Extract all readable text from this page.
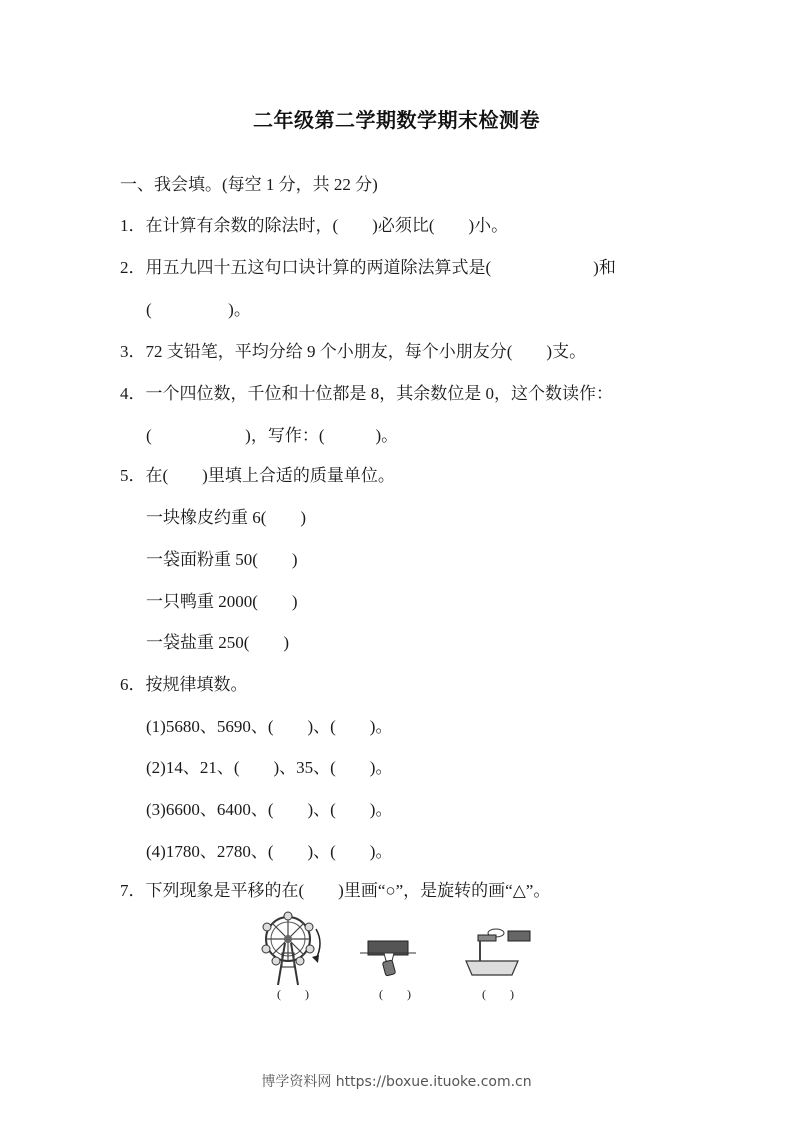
二年级第二学期数学期末检测卷
一、我会填。(每空 1 分，共 22 分)
1．在计算有余数的除法时，(        )必须比(        )小。
2．用五九四十五这句口诀计算的两道除法算式是(                        )和
(                  )。
3．72 支铅笔，平均分给 9 个小朋友，每个小朋友分(        )支。
4．一个四位数，千位和十位都是 8，其余数位是 0，这个数读作：
(                      )，写作：(            )。
5．在(        )里填上合适的质量单位。
一块橡皮约重 6(        )
一袋面粉重 50(        )
一只鸭重 2000(        )
一袋盐重 250(        )
6．按规律填数。
(1)5680、5690、(        )、(        )。
(2)14、21、(        )、35、(        )。
(3)6600、6400、(        )、(        )。
(4)1780、2780、(        )、(        )。
7．下列现象是平移的在(        )里画“○”，是旋转的画“△”。
(        )	(        )	(        )
博学资料网 https://boxue.ituoke.com.cn
